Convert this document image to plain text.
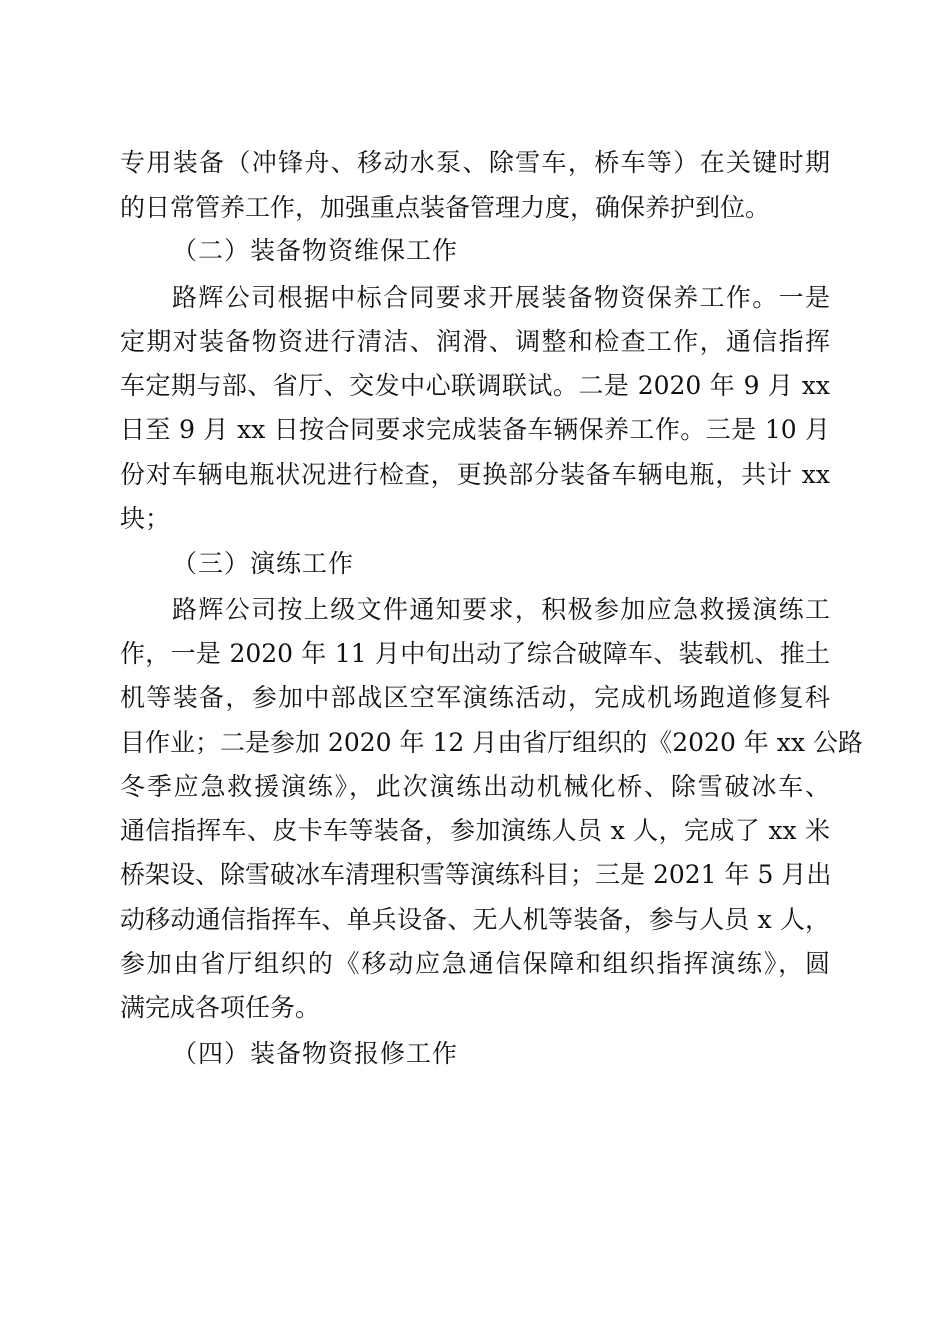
专用装备（冲锋舟、移动水泵、除雪车，桥车等）在关键时期
的日常管养工作，加强重点装备管理力度，确保养护到位。
（二）装备物资维保工作
路辉公司根据中标合同要求开展装备物资保养工作。一是
定期对装备物资进行清洁、润滑、调整和检查工作，通信指挥
车定期与部、省厅、交发中心联调联试。二是 2020 年 9 月 xx
日至 9 月 xx 日按合同要求完成装备车辆保养工作。三是 10 月
份对车辆电瓶状况进行检查，更换部分装备车辆电瓶，共计 xx
块；
（三）演练工作
路辉公司按上级文件通知要求，积极参加应急救援演练工
作，一是 2020 年 11 月中旬出动了综合破障车、装载机、推土
机等装备，参加中部战区空军演练活动，完成机场跑道修复科
目作业；二是参加 2020 年 12 月由省厅组织的《2020 年 xx 公路
冬季应急救援演练》，此次演练出动机械化桥、除雪破冰车、
通信指挥车、皮卡车等装备，参加演练人员 x 人，完成了 xx 米
桥架设、除雪破冰车清理积雪等演练科目；三是 2021 年 5 月出
动移动通信指挥车、单兵设备、无人机等装备，参与人员 x 人，
参加由省厅组织的《移动应急通信保障和组织指挥演练》，圆
满完成各项任务。
（四）装备物资报修工作
